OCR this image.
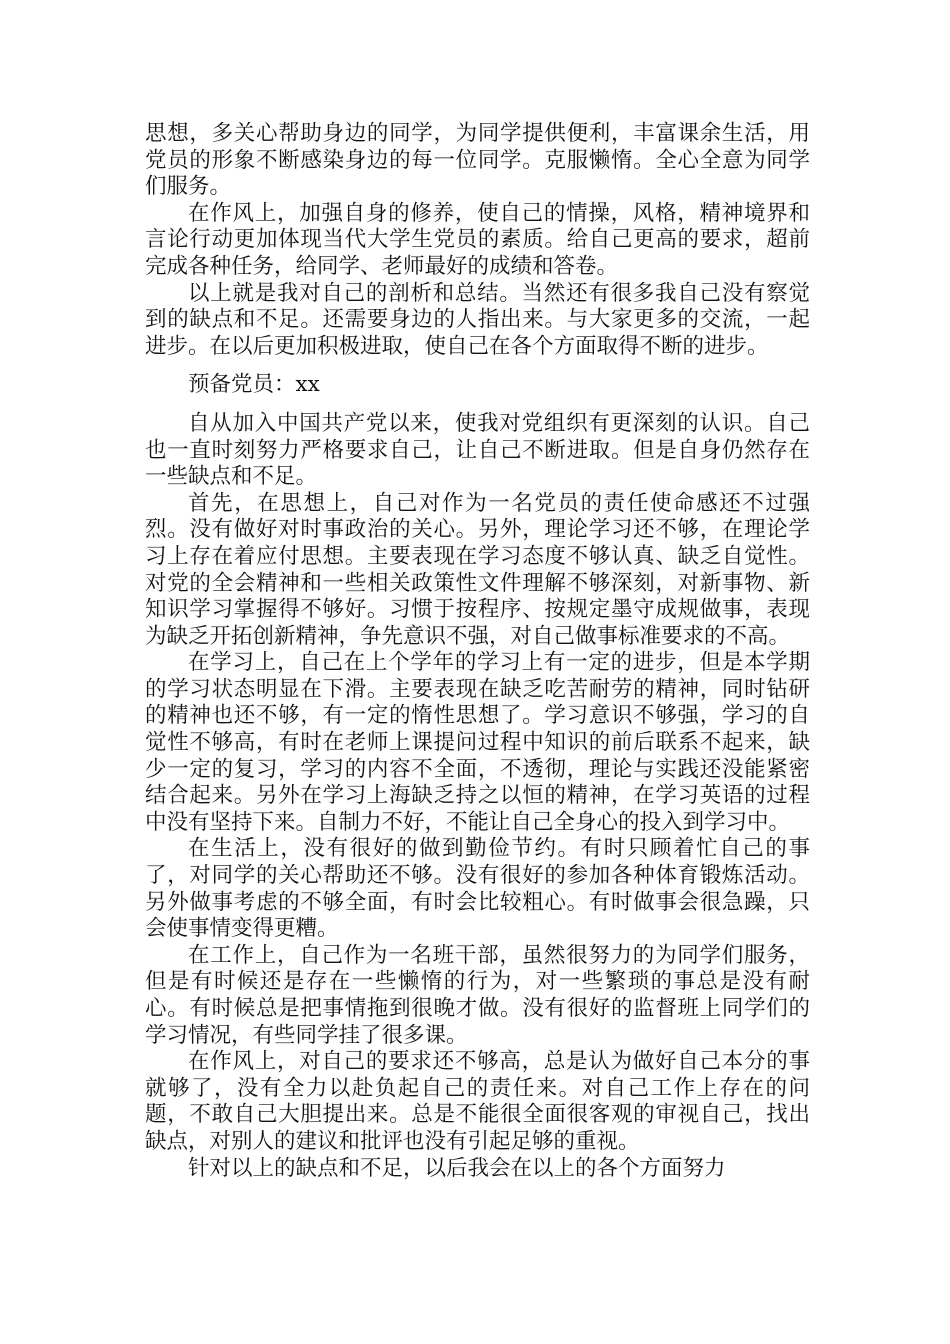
思想，多关心帮助身边的同学，为同学提供便利，丰富课余生活，用党员的形象不断感染身边的每一位同学。克服懒惰。全心全意为同学们服务。

在作风上，加强自身的修养，使自己的情操，风格，精神境界和言论行动更加体现当代大学生党员的素质。给自己更高的要求，超前完成各种任务，给同学、老师最好的成绩和答卷。

以上就是我对自己的剖析和总结。当然还有很多我自己没有察觉到的缺点和不足。还需要身边的人指出来。与大家更多的交流，一起进步。在以后更加积极进取，使自己在各个方面取得不断的进步。

预备党员：xx

自从加入中国共产党以来，使我对党组织有更深刻的认识。自己也一直时刻努力严格要求自己，让自己不断进取。但是自身仍然存在一些缺点和不足。

首先，在思想上，自己对作为一名党员的责任使命感还不过强烈。没有做好对时事政治的关心。另外，理论学习还不够，在理论学习上存在着应付思想。主要表现在学习态度不够认真、缺乏自觉性。对党的全会精神和一些相关政策性文件理解不够深刻，对新事物、新知识学习掌握得不够好。习惯于按程序、按规定墨守成规做事，表现为缺乏开拓创新精神，争先意识不强，对自己做事标准要求的不高。

在学习上，自己在上个学年的学习上有一定的进步，但是本学期的学习状态明显在下滑。主要表现在缺乏吃苦耐劳的精神，同时钻研的精神也还不够，有一定的惰性思想了。学习意识不够强，学习的自觉性不够高，有时在老师上课提问过程中知识的前后联系不起来，缺少一定的复习，学习的内容不全面，不透彻，理论与实践还没能紧密结合起来。另外在学习上海缺乏持之以恒的精神，在学习英语的过程中没有坚持下来。自制力不好，不能让自己全身心的投入到学习中。

在生活上，没有很好的做到勤俭节约。有时只顾着忙自己的事了，对同学的关心帮助还不够。没有很好的参加各种体育锻炼活动。另外做事考虑的不够全面，有时会比较粗心。有时做事会很急躁，只会使事情变得更糟。

在工作上，自己作为一名班干部，虽然很努力的为同学们服务，但是有时候还是存在一些懒惰的行为，对一些繁琐的事总是没有耐心。有时候总是把事情拖到很晚才做。没有很好的监督班上同学们的学习情况，有些同学挂了很多课。

在作风上，对自己的要求还不够高，总是认为做好自己本分的事就够了，没有全力以赴负起自己的责任来。对自己工作上存在的问题，不敢自己大胆提出来。总是不能很全面很客观的审视自己，找出缺点，对别人的建议和批评也没有引起足够的重视。

针对以上的缺点和不足，以后我会在以上的各个方面努力
